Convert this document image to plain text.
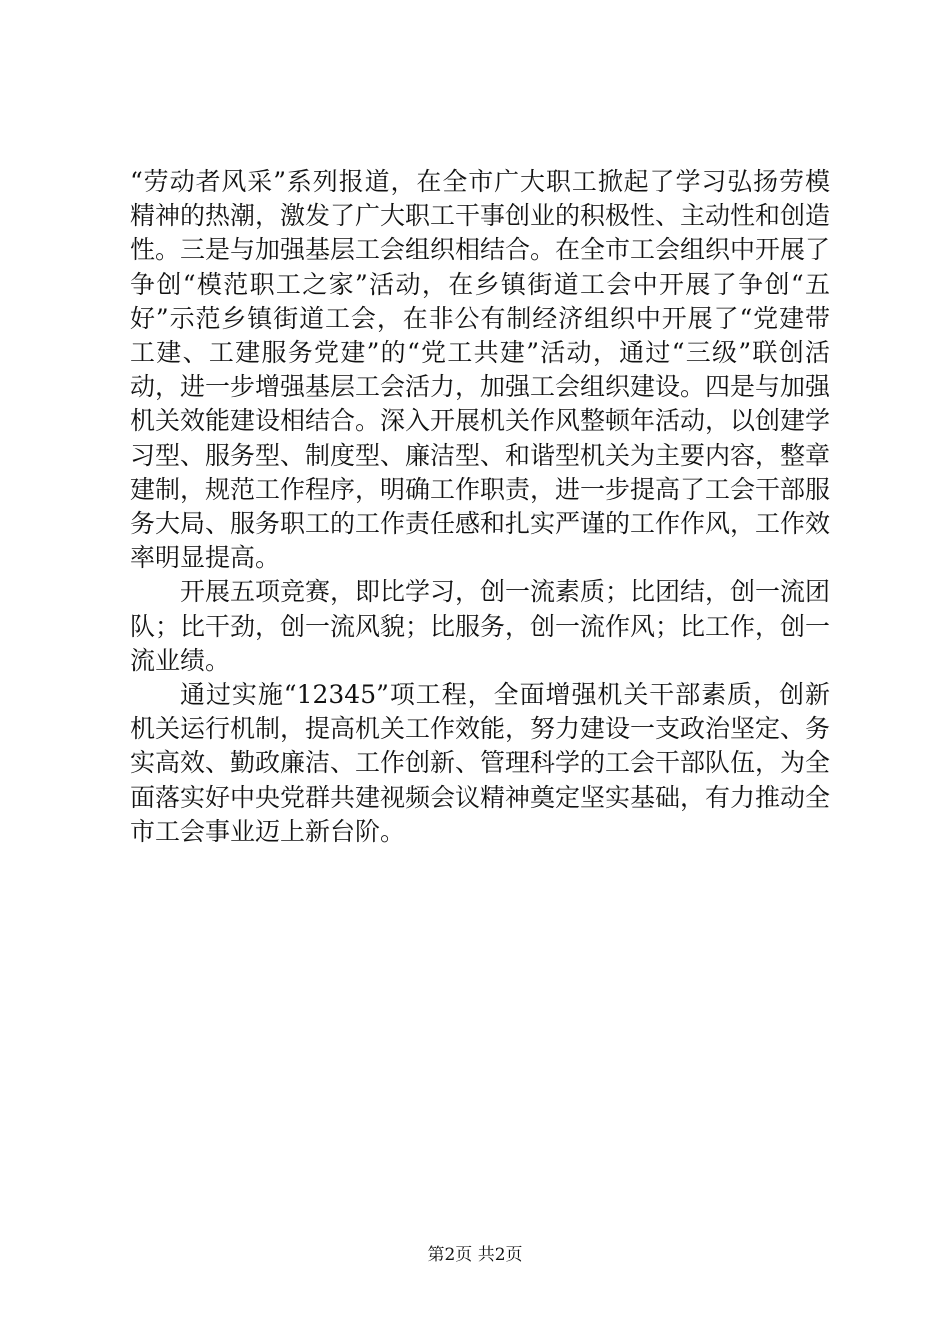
“劳动者风采”系列报道，在全市广大职工掀起了学习弘扬劳模精神的热潮，激发了广大职工干事创业的积极性、主动性和创造性。三是与加强基层工会组织相结合。在全市工会组织中开展了争创“模范职工之家”活动，在乡镇街道工会中开展了争创“五好”示范乡镇街道工会，在非公有制经济组织中开展了“党建带工建、工建服务党建”的“党工共建”活动，通过“三级”联创活动，进一步增强基层工会活力，加强工会组织建设。四是与加强机关效能建设相结合。深入开展机关作风整顿年活动，以创建学习型、服务型、制度型、廉洁型、和谐型机关为主要内容，整章建制，规范工作程序，明确工作职责，进一步提高了工会干部服务大局、服务职工的工作责任感和扎实严谨的工作作风，工作效率明显提高。

开展五项竞赛，即比学习，创一流素质；比团结，创一流团队；比干劲，创一流风貌；比服务，创一流作风；比工作，创一流业绩。

通过实施“12345”项工程，全面增强机关干部素质，创新机关运行机制，提高机关工作效能，努力建设一支政治坚定、务实高效、勤政廉洁、工作创新、管理科学的工会干部队伍，为全面落实好中央党群共建视频会议精神奠定坚实基础，有力推动全市工会事业迈上新台阶。

第2页 共2页
